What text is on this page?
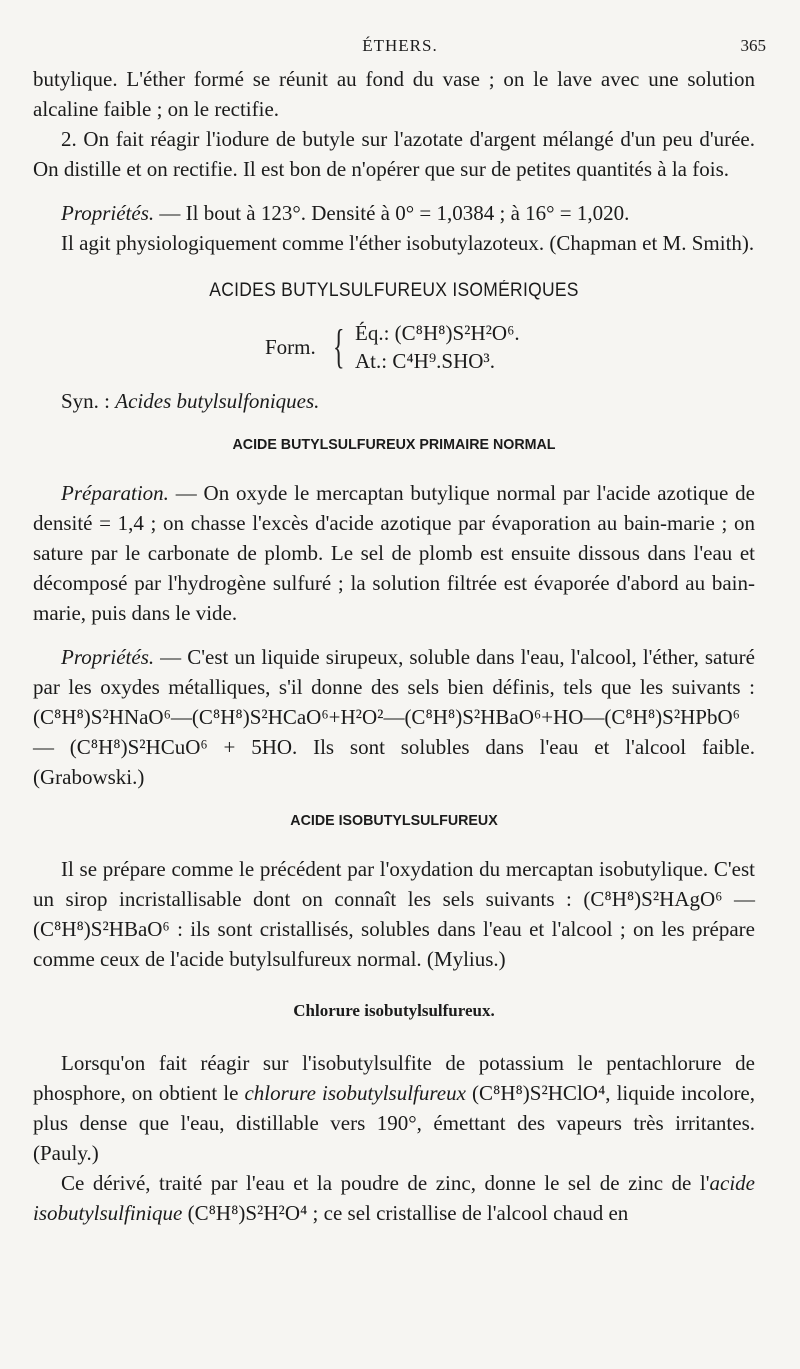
ÉTHERS.	365

butylique. L'éther formé se réunit au fond du vase ; on le lave avec une solution alcaline faible ; on le rectifie.

2. On fait réagir l'iodure de butyle sur l'azotate d'argent mélangé d'un peu d'urée. On distille et on rectifie. Il est bon de n'opérer que sur de petites quantités à la fois.

Propriétés. — Il bout à 123°. Densité à 0° = 1,0384 ; à 16° = 1,020.

Il agit physiologiquement comme l'éther isobutylazoteux. (Chapman et M. Smith).

ACIDES BUTYLSULFUREUX ISOMÉRIQUES
Form. { Éq.: (C⁸H⁸)S²H²O⁶.
At.: C⁴H⁹.SHO³.

Syn. : Acides butylsulfoniques.

ACIDE BUTYLSULFUREUX PRIMAIRE NORMAL

Préparation. — On oxyde le mercaptan butylique normal par l'acide azotique de densité = 1,4 ; on chasse l'excès d'acide azotique par évaporation au bain-marie ; on sature par le carbonate de plomb. Le sel de plomb est ensuite dissous dans l'eau et décomposé par l'hydrogène sulfuré ; la solution filtrée est évaporée d'abord au bain-marie, puis dans le vide.

Propriétés. — C'est un liquide sirupeux, soluble dans l'eau, l'alcool, l'éther, saturé par les oxydes métalliques, s'il donne des sels bien définis, tels que les suivants : (C⁸H⁸)S²HNaO⁶—(C⁸H⁸)S²HCaO⁶+H²O²—(C⁸H⁸)S²HBaO⁶+HO—(C⁸H⁸)S²HPbO⁶ — (C⁸H⁸)S²HCuO⁶ + 5HO. Ils sont solubles dans l'eau et l'alcool faible. (Grabowski.)

ACIDE ISOBUTYLSULFUREUX

Il se prépare comme le précédent par l'oxydation du mercaptan isobutylique. C'est un sirop incristallisable dont on connaît les sels suivants : (C⁸H⁸)S²HAgO⁶ — (C⁸H⁸)S²HBaO⁶ : ils sont cristallisés, solubles dans l'eau et l'alcool ; on les prépare comme ceux de l'acide butylsulfureux normal. (Mylius.)

Chlorure isobutylsulfureux.

Lorsqu'on fait réagir sur l'isobutylsulfite de potassium le pentachlorure de phosphore, on obtient le chlorure isobutylsulfureux (C⁸H⁸)S²HClO⁴, liquide incolore, plus dense que l'eau, distillable vers 190°, émettant des vapeurs très irritantes. (Pauly.)

Ce dérivé, traité par l'eau et la poudre de zinc, donne le sel de zinc de l'acide isobutylsulfinique (C⁸H⁸)S²H²O⁴ ; ce sel cristallise de l'alcool chaud en
